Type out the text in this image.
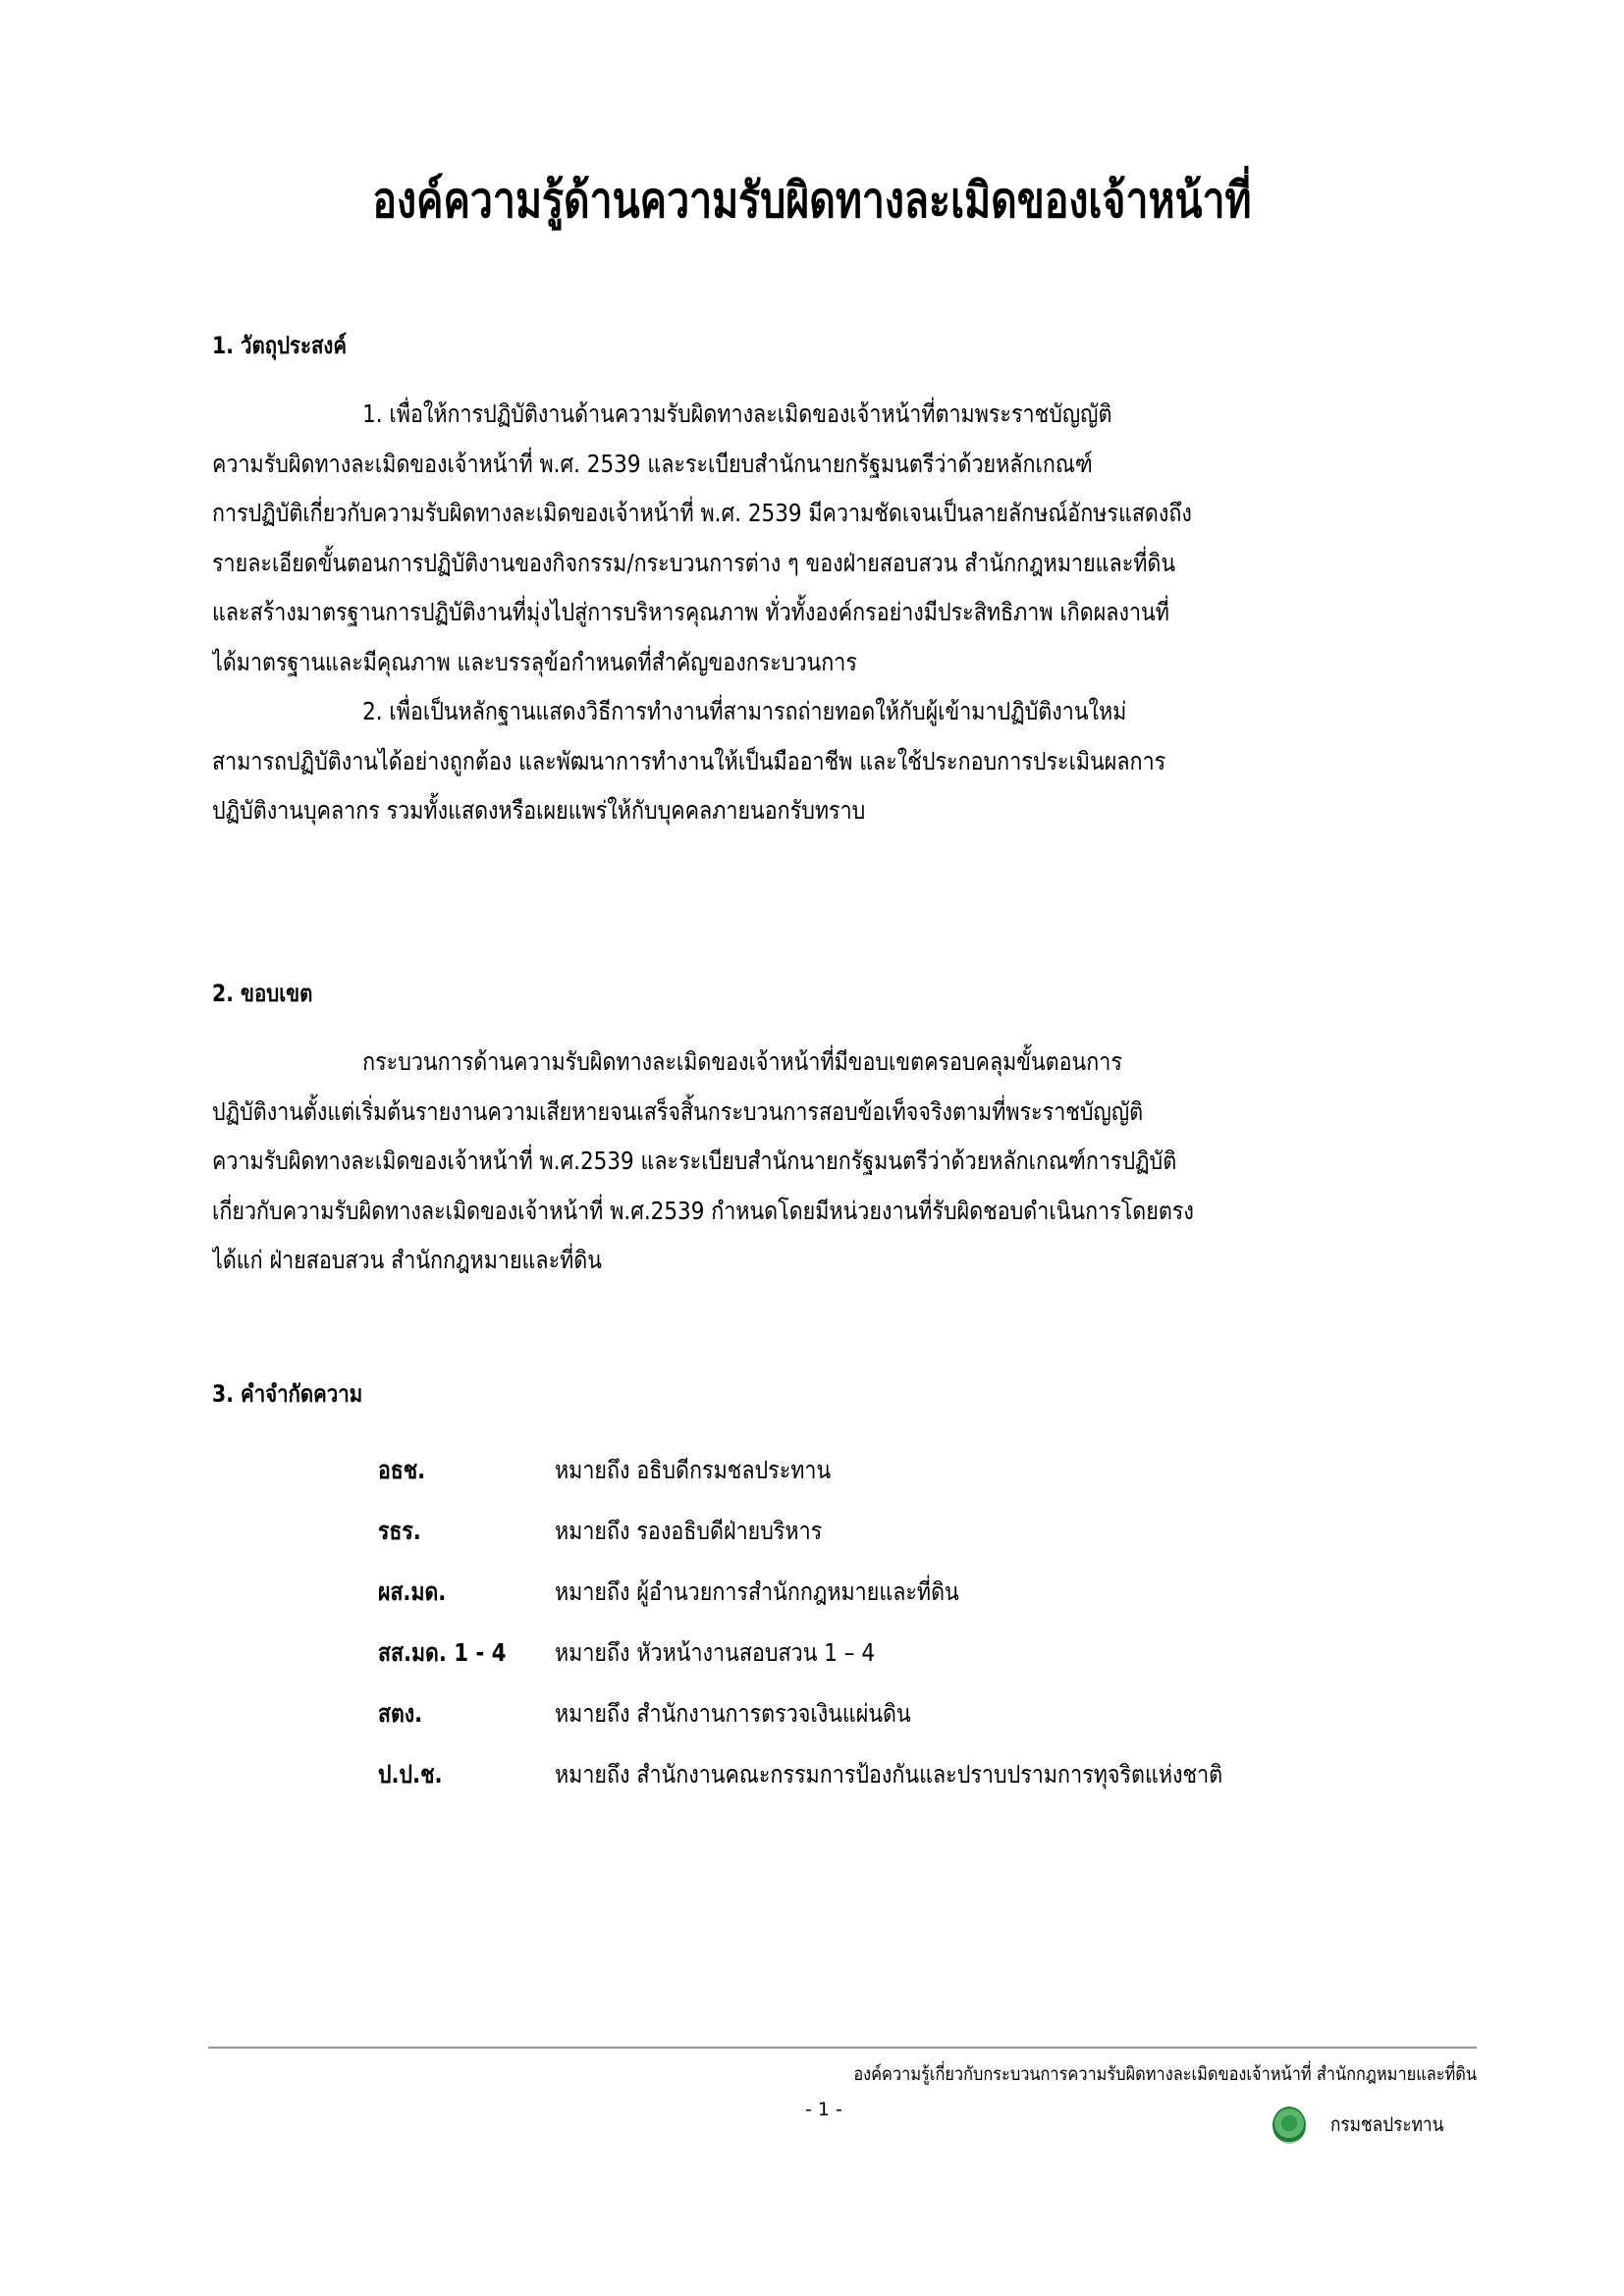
องค์ความรู้ด้านความรับผิดทางละเมิดของเจ้าหน้าที่
1. วัตถุประสงค์
1. เพื่อให้การปฏิบัติงานด้านความรับผิดทางละเมิดของเจ้าหน้าที่ตามพระราชบัญญัติ
ความรับผิดทางละเมิดของเจ้าหน้าที่ พ.ศ. 2539 และระเบียบสำนักนายกรัฐมนตรีว่าด้วยหลักเกณฑ์
การปฏิบัติเกี่ยวกับความรับผิดทางละเมิดของเจ้าหน้าที่ พ.ศ. 2539 มีความชัดเจนเป็นลายลักษณ์อักษรแสดงถึง
รายละเอียดขั้นตอนการปฏิบัติงานของกิจกรรม/กระบวนการต่าง ๆ ของฝ่ายสอบสวน สำนักกฎหมายและที่ดิน
และสร้างมาตรฐานการปฏิบัติงานที่มุ่งไปสู่การบริหารคุณภาพ ทั่วทั้งองค์กรอย่างมีประสิทธิภาพ เกิดผลงานที่
ได้มาตรฐานและมีคุณภาพ และบรรลุข้อกำหนดที่สำคัญของกระบวนการ
2. เพื่อเป็นหลักฐานแสดงวิธีการทำงานที่สามารถถ่ายทอดให้กับผู้เข้ามาปฏิบัติงานใหม่
สามารถปฏิบัติงานได้อย่างถูกต้อง และพัฒนาการทำงานให้เป็นมืออาชีพ และใช้ประกอบการประเมินผลการ
ปฏิบัติงานบุคลากร รวมทั้งแสดงหรือเผยแพร่ให้กับบุคคลภายนอกรับทราบ
2. ขอบเขต
กระบวนการด้านความรับผิดทางละเมิดของเจ้าหน้าที่มีขอบเขตครอบคลุมขั้นตอนการ
ปฏิบัติงานตั้งแต่เริ่มต้นรายงานความเสียหายจนเสร็จสิ้นกระบวนการสอบข้อเท็จจริงตามที่พระราชบัญญัติ
ความรับผิดทางละเมิดของเจ้าหน้าที่ พ.ศ.2539 และระเบียบสำนักนายกรัฐมนตรีว่าด้วยหลักเกณฑ์การปฏิบัติ
เกี่ยวกับความรับผิดทางละเมิดของเจ้าหน้าที่ พ.ศ.2539 กำหนดโดยมีหน่วยงานที่รับผิดชอบดำเนินการโดยตรง
ได้แก่ ฝ่ายสอบสวน สำนักกฎหมายและที่ดิน
3. คำจำกัดความ
อธช.	หมายถึง อธิบดีกรมชลประทาน
รธร.	หมายถึง รองอธิบดีฝ่ายบริหาร
ผส.มด.	หมายถึง ผู้อำนวยการสำนักกฎหมายและที่ดิน
สส.มด. 1 - 4 หมายถึง หัวหน้างานสอบสวน 1 – 4
สตง.	หมายถึง สำนักงานการตรวจเงินแผ่นดิน
ป.ป.ช.	หมายถึง สำนักงานคณะกรรมการป้องกันและปราบปรามการทุจริตแห่งชาติ
องค์ความรู้เกี่ยวกับกระบวนการความรับผิดทางละเมิดของเจ้าหน้าที่ สำนักกฎหมายและที่ดิน
- 1 -
กรมชลประทาน
